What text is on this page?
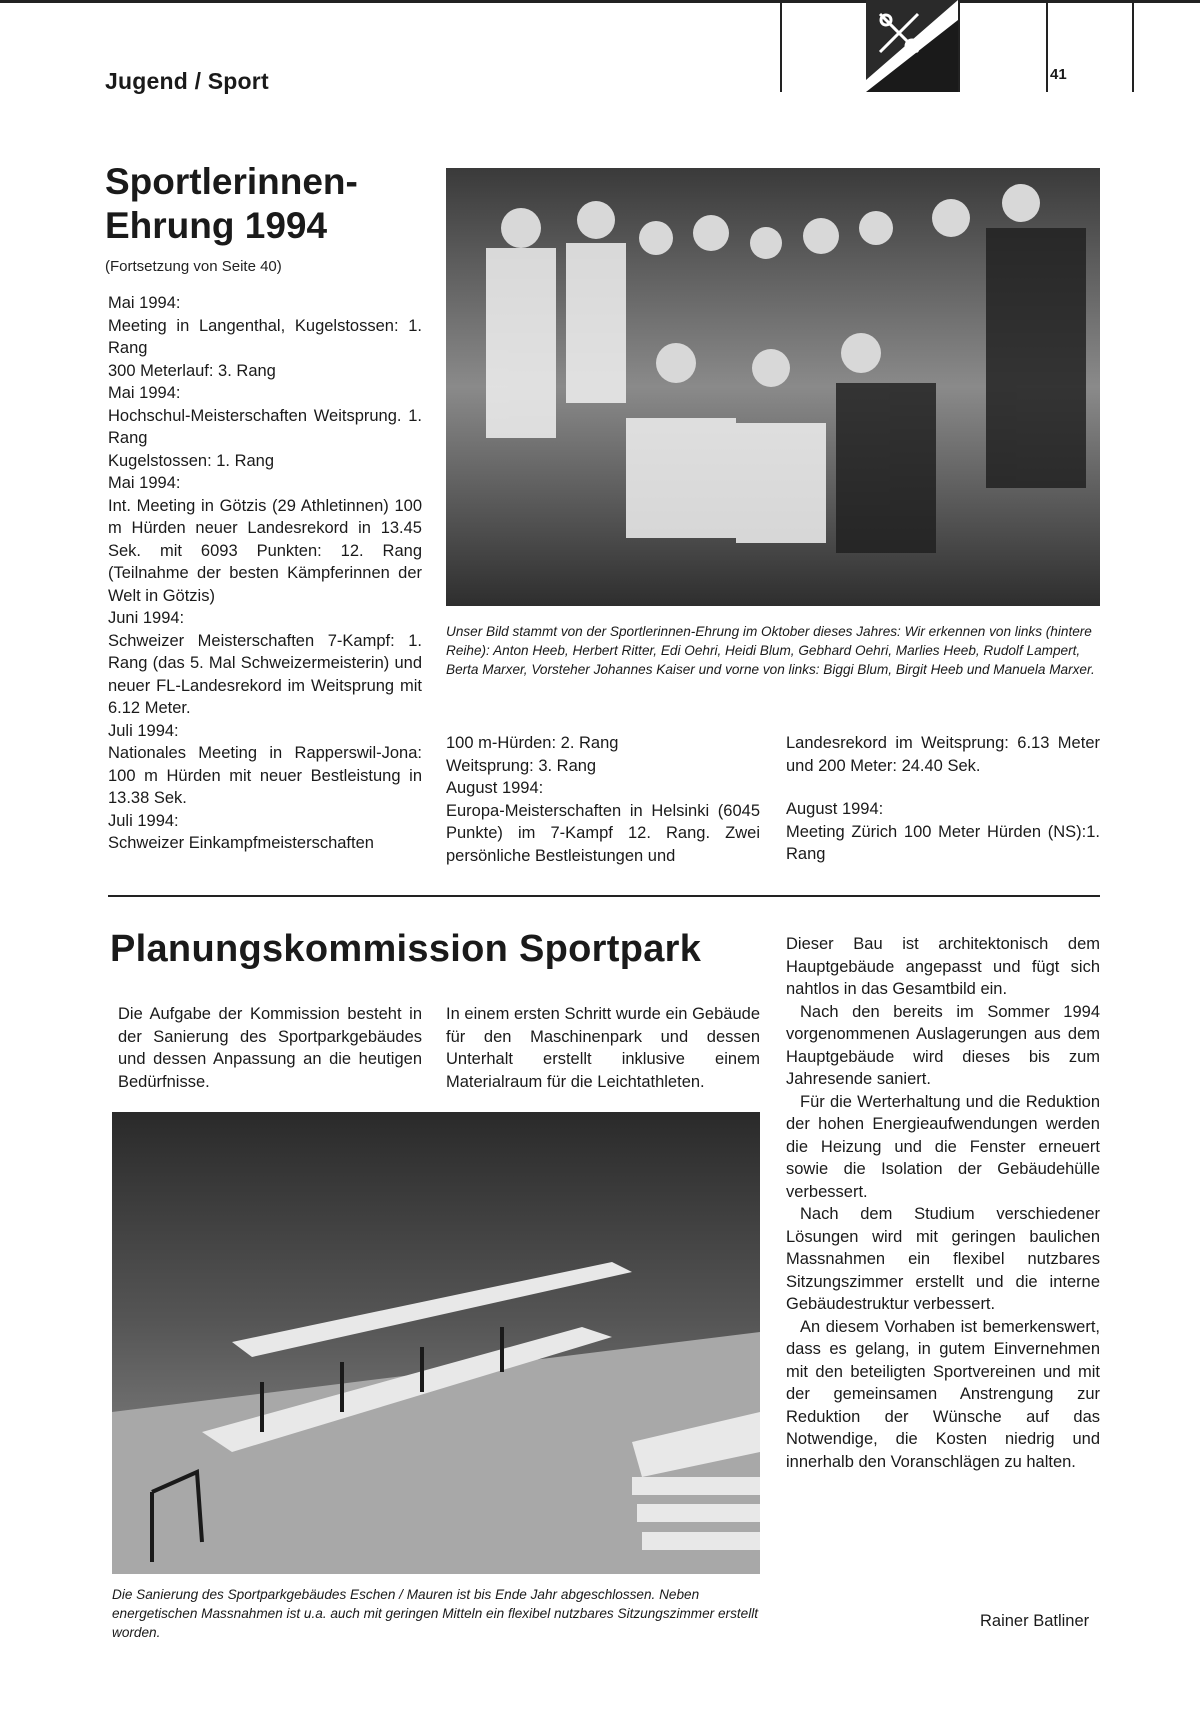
Jugend / Sport	41
Sportlerinnen-Ehrung 1994
(Fortsetzung von Seite 40)

Mai 1994:

Meeting in Langenthal, Kugelstossen: 1. Rang

300 Meterlauf: 3. Rang

Mai 1994:

Hochschul-Meisterschaften Weitsprung. 1. Rang

Kugelstossen: 1. Rang

Mai 1994:

Int. Meeting in Götzis (29 Athletinnen) 100 m Hürden neuer Landesrekord in 13.45 Sek. mit 6093 Punkten: 12. Rang (Teilnahme der besten Kämpferinnen der Welt in Götzis)

Juni 1994:

Schweizer Meisterschaften 7-Kampf: 1. Rang (das 5. Mal Schweizermeisterin) und neuer FL-Landesrekord im Weitsprung mit 6.12 Meter.

Juli 1994:

Nationales Meeting in Rapperswil-Jona: 100 m Hürden mit neuer Bestleistung in 13.38 Sek.

Juli 1994:

Schweizer Einkampfmeisterschaften

Unser Bild stammt von der Sportlerinnen-Ehrung im Oktober dieses Jahres: Wir erkennen von links (hintere Reihe): Anton Heeb, Herbert Ritter, Edi Oehri, Heidi Blum, Gebhard Oehri, Marlies Heeb, Rudolf Lampert, Berta Marxer, Vorsteher Johannes Kaiser und vorne von links: Biggi Blum, Birgit Heeb und Manuela Marxer.

100 m-Hürden: 2. Rang

Weitsprung: 3. Rang

August 1994:

Europa-Meisterschaften in Helsinki (6045 Punkte) im 7-Kampf 12. Rang. Zwei persönliche Bestleistungen und

Landesrekord im Weitsprung: 6.13 Meter und 200 Meter: 24.40 Sek.

August 1994:

Meeting Zürich 100 Meter Hürden (NS):1. Rang

Planungskommission Sportpark
Die Aufgabe der Kommission besteht in der Sanierung des Sportparkgebäudes und dessen Anpassung an die heutigen Bedürfnisse.
In einem ersten Schritt wurde ein Gebäude für den Maschinenpark und dessen Unterhalt erstellt inklusive einem Materialraum für die Leichtathleten.
Die Sanierung des Sportparkgebäudes Eschen / Mauren ist bis Ende Jahr abgeschlossen. Neben energetischen Massnahmen ist u.a. auch mit geringen Mitteln ein flexibel nutzbares Sitzungszimmer erstellt worden.

Dieser Bau ist architektonisch dem Hauptgebäude angepasst und fügt sich nahtlos in das Gesamtbild ein.

Nach den bereits im Sommer 1994 vorgenommenen Auslagerungen aus dem Hauptgebäude wird dieses bis zum Jahresende saniert.

Für die Werterhaltung und die Reduktion der hohen Energieaufwendungen werden die Heizung und die Fenster erneuert sowie die Isolation der Gebäudehülle verbessert.

Nach dem Studium verschiedener Lösungen wird mit geringen baulichen Massnahmen ein flexibel nutzbares Sitzungszimmer erstellt und die interne Gebäudestruktur verbessert.

An diesem Vorhaben ist bemerkenswert, dass es gelang, in gutem Einvernehmen mit den beteiligten Sportvereinen und mit der gemeinsamen Anstrengung zur Reduktion der Wünsche auf das Notwendige, die Kosten niedrig und innerhalb den Voranschlägen zu halten.

Rainer Batliner
